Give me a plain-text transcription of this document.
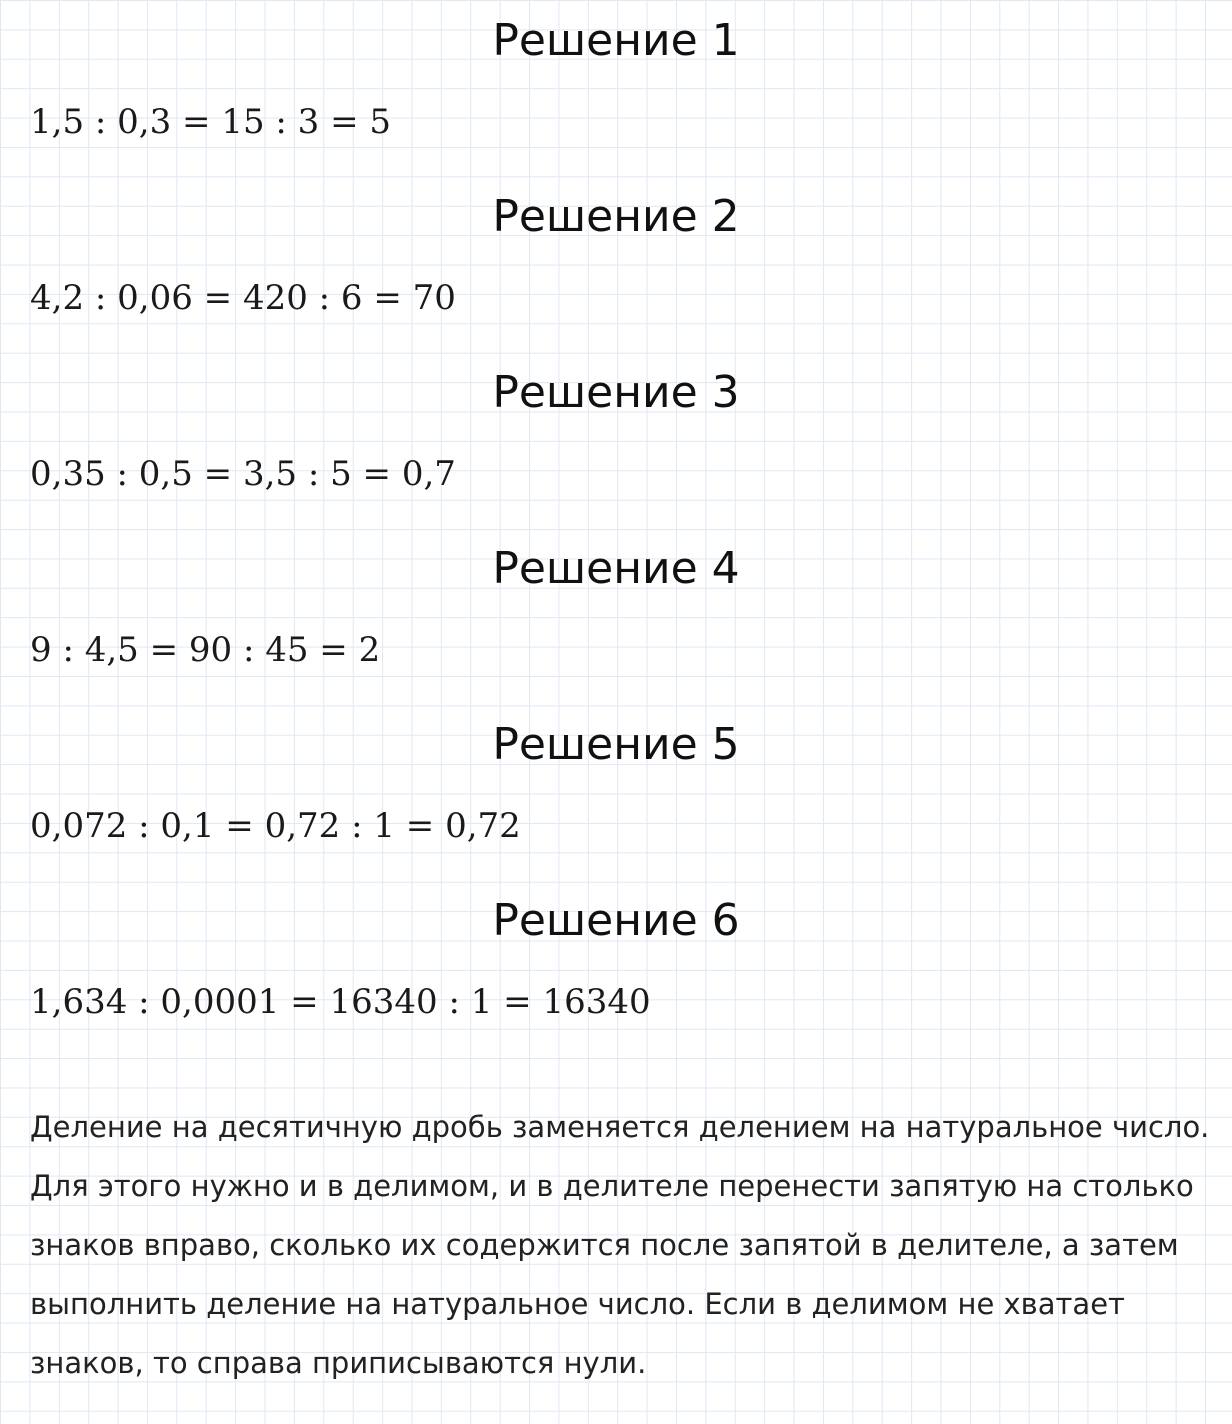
Решение 1

1,5 : 0,3 = 15 : 3 = 5

Решение 2

4,2 : 0,06 = 420 : 6 = 70

Решение 3

0,35 : 0,5 = 3,5 : 5 = 0,7

Решение 4

9 : 4,5 = 90 : 45 = 2

Решение 5

0,072 : 0,1 = 0,72 : 1 = 0,72

Решение 6

1,634 : 0,0001 = 16340 : 1 = 16340

Деление на десятичную дробь заменяется делением на натуральное число. Для этого нужно и в делимом, и в делителе перенести запятую на столько знаков вправо, сколько их содержится после запятой в делителе, а затем выполнить деление на натуральное число. Если в делимом не хватает знаков, то справа приписываются нули.
